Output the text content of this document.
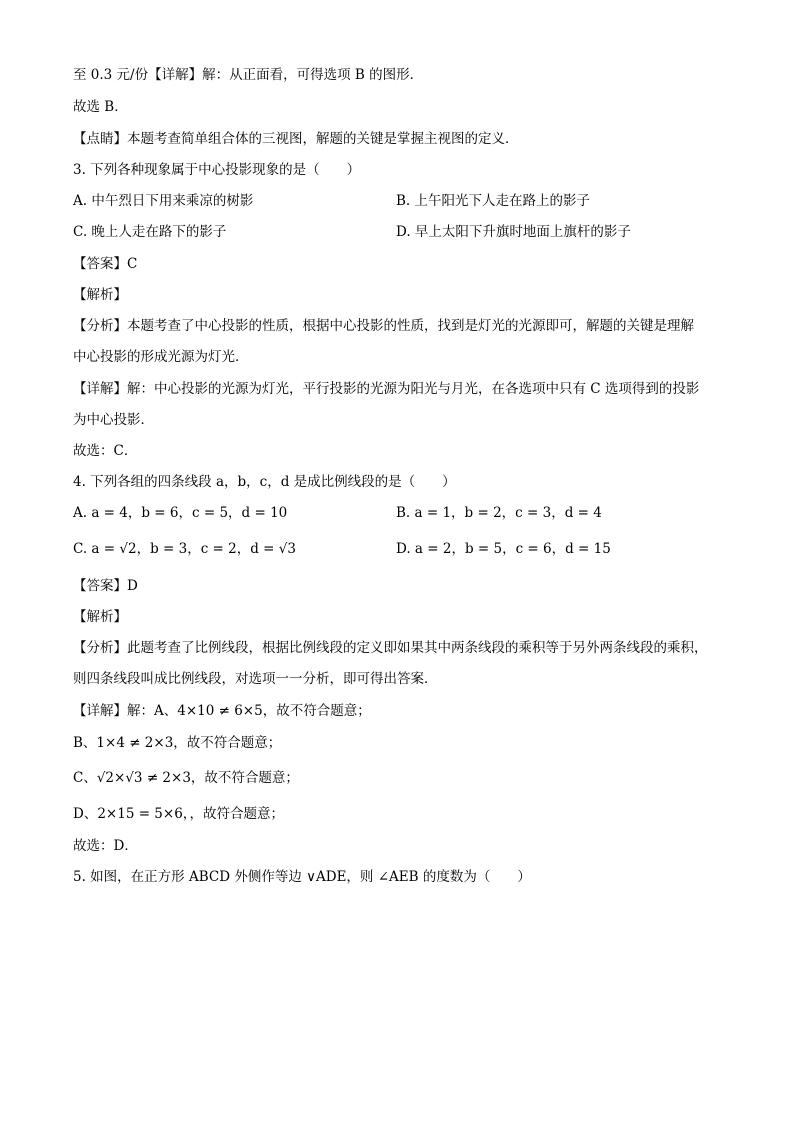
至 0.3 元/份【详解】解：从正面看，可得选项 B 的图形．
故选 B．
【点睛】本题考查简单组合体的三视图，解题的关键是掌握主视图的定义．
3. 下列各种现象属于中心投影现象的是（　　）
A. 中午烈日下用来乘凉的树影	B. 上午阳光下人走在路上的影子
C. 晚上人走在路下的影子	D. 早上太阳下升旗时地面上旗杆的影子
【答案】C
【解析】
【分析】本题考查了中心投影的性质，根据中心投影的性质，找到是灯光的光源即可，解题的关键是理解
中心投影的形成光源为灯光．
【详解】解：中心投影的光源为灯光，平行投影的光源为阳光与月光，在各选项中只有 C 选项得到的投影
为中心投影．
故选：C．
4. 下列各组的四条线段 a，b，c，d 是成比例线段的是（　　）
A. a = 4，b = 6，c = 5，d = 10	B. a = 1，b = 2，c = 3，d = 4
C. a = √2，b = 3，c = 2，d = √3	D. a = 2，b = 5，c = 6，d = 15
【答案】D
【解析】
【分析】此题考查了比例线段，根据比例线段的定义即如果其中两条线段的乘积等于另外两条线段的乘积，
则四条线段叫成比例线段，对选项一一分析，即可得出答案．
【详解】解：A、4×10 ≠ 6×5，故不符合题意；
B、1×4 ≠ 2×3，故不符合题意；
C、√2×√3 ≠ 2×3，故不符合题意；
D、2×15 = 5×6，，故符合题意；
故选：D．
5. 如图，在正方形 ABCD 外侧作等边 ∨ADE，则 ∠AEB 的度数为（　　）
